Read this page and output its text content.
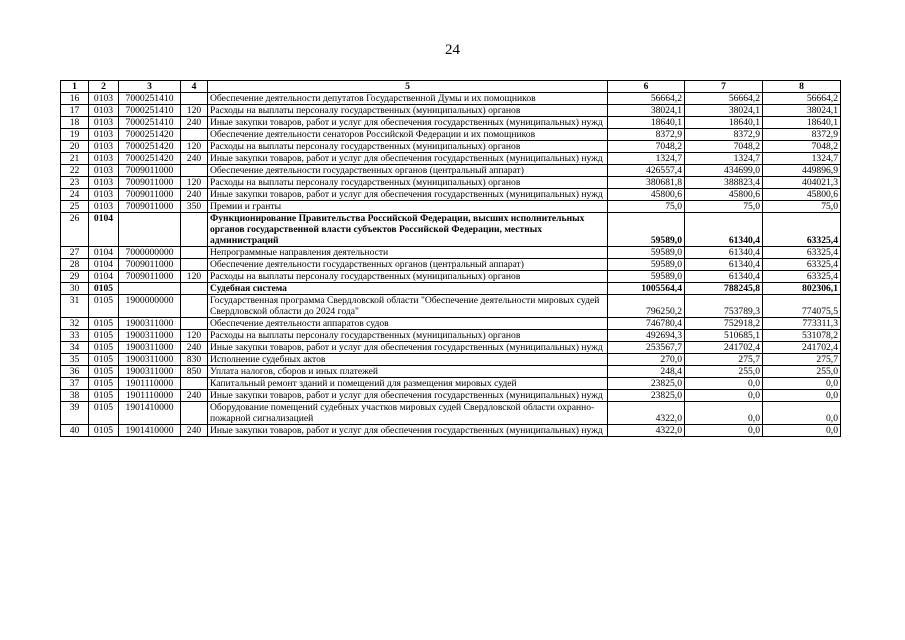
24
1	2	3	4	5	6	7	8
16	0103	7000251410		Обеспечение деятельности депутатов Государственной Думы и их помощников	56664,2	56664,2	56664,2
17	0103	7000251410	120	Расходы на выплаты персоналу государственных (муниципальных) органов	38024,1	38024,1	38024,1
18	0103	7000251410	240	Иные закупки товаров, работ и услуг для обеспечения государственных (муниципальных) нужд	18640,1	18640,1	18640,1
19	0103	7000251420		Обеспечение деятельности сенаторов Российской Федерации и их помощников	8372,9	8372,9	8372,9
20	0103	7000251420	120	Расходы на выплаты персоналу государственных (муниципальных) органов	7048,2	7048,2	7048,2
21	0103	7000251420	240	Иные закупки товаров, работ и услуг для обеспечения государственных (муниципальных) нужд	1324,7	1324,7	1324,7
22	0103	7009011000		Обеспечение деятельности государственных органов (центральный аппарат)	426557,4	434699,0	449896,9
23	0103	7009011000	120	Расходы на выплаты персоналу государственных (муниципальных) органов	380681,8	388823,4	404021,3
24	0103	7009011000	240	Иные закупки товаров, работ и услуг для обеспечения государственных (муниципальных) нужд	45800,6	45800,6	45800,6
25	0103	7009011000	350	Премии и гранты	75,0	75,0	75,0
26	0104			Функционирование Правительства Российской Федерации, высших исполнительных органов государственной власти субъектов Российской Федерации, местных администраций	59589,0	61340,4	63325,4
27	0104	7000000000		Непрограммные направления деятельности	59589,0	61340,4	63325,4
28	0104	7009011000		Обеспечение деятельности государственных органов (центральный аппарат)	59589,0	61340,4	63325,4
29	0104	7009011000	120	Расходы на выплаты персоналу государственных (муниципальных) органов	59589,0	61340,4	63325,4
30	0105			Судебная система	1005564,4	788245,8	802306,1
31	0105	1900000000		Государственная программа Свердловской области "Обеспечение деятельности мировых судей Свердловской области до 2024 года"	796250,2	753789,3	774075,5
32	0105	1900311000		Обеспечение деятельности аппаратов судов	746780,4	752918,2	773311,3
33	0105	1900311000	120	Расходы на выплаты персоналу государственных (муниципальных) органов	492694,3	510685,1	531078,2
34	0105	1900311000	240	Иные закупки товаров, работ и услуг для обеспечения государственных (муниципальных) нужд	253567,7	241702,4	241702,4
35	0105	1900311000	830	Исполнение судебных актов	270,0	275,7	275,7
36	0105	1900311000	850	Уплата налогов, сборов и иных платежей	248,4	255,0	255,0
37	0105	1901110000		Капитальный ремонт зданий и помещений для размещения мировых судей	23825,0	0,0	0,0
38	0105	1901110000	240	Иные закупки товаров, работ и услуг для обеспечения государственных (муниципальных) нужд	23825,0	0,0	0,0
39	0105	1901410000		Оборудование помещений судебных участков мировых судей Свердловской области охранно-пожарной сигнализацией	4322,0	0,0	0,0
40	0105	1901410000	240	Иные закупки товаров, работ и услуг для обеспечения государственных (муниципальных) нужд	4322,0	0,0	0,0
